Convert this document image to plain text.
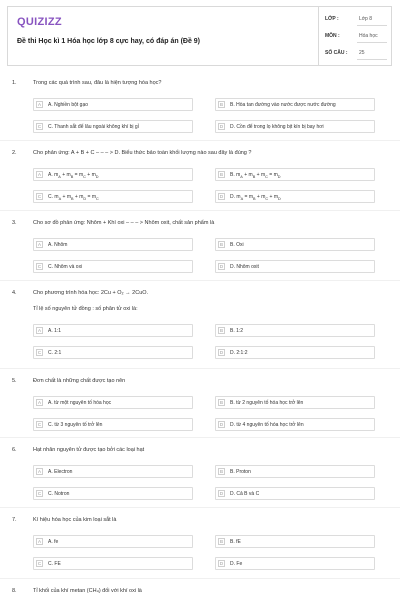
QUIZIZZ
Đề thi Học kì 1 Hóa học lớp 8 cực hay, có đáp án (Đề 9)
LỚP :	Lớp 8
MÔN :	Hóa học
SỐ CÂU : 25
1.	Trong các quá trình sau, đâu là hiện tượng hóa học?
A	A. Nghiền bột gạo	B	B. Hòa tan đường vào nước được nước đường
C	C. Thanh sắt để lâu ngoài không khí bị gỉ	D	D. Cồn để trong lọ không bịt kín bị bay hơi
2.	Cho phản ứng: A + B + C – – – > D. Biểu thức bảo toàn khối lượng nào sau đây là đúng ?
A	A. $m_A + m_B = m_C + m_D$	B	B. $m_A + m_B + m_C = m_D$
C	C. $m_A + m_B + m_D = m_C$	D	D. $m_A = m_B + m_C + m_D$
3.	Cho sơ đồ phản ứng: Nhôm + Khí oxi – – – > Nhôm oxit, chất sản phẩm là
A	A. Nhôm	B	B. Oxi
C	C. Nhôm và oxi	D	D. Nhôm oxit
4.	Cho phương trình hóa học: 2Cu + O₂ → 2CuO.
Tỉ lệ số nguyên tử đồng : số phân tử oxi là:
A	A. 1:1	B	B. 1:2
C	C. 2:1	D	D. 2:1:2
5.	Đơn chất là những chất được tạo nên
A	A. từ một nguyên tố hóa học	B	B. từ 2 nguyên tố hóa học trở lên
C	C. từ 3 nguyên tố trở lên	D	D. từ 4 nguyên tố hóa học trở lên
6.	Hạt nhân nguyên tử được tạo bởi các loại hạt
A	A. Electron	B	B. Proton
C	C. Notron	D	D. Cả B và C
7.	Kí hiệu hóa học của kim loại sắt là
A	A. fe	B	B. fE
C	C. FE	D	D. Fe
8.	Tỉ khối của khí metan (CH₄) đối với khí oxi là
